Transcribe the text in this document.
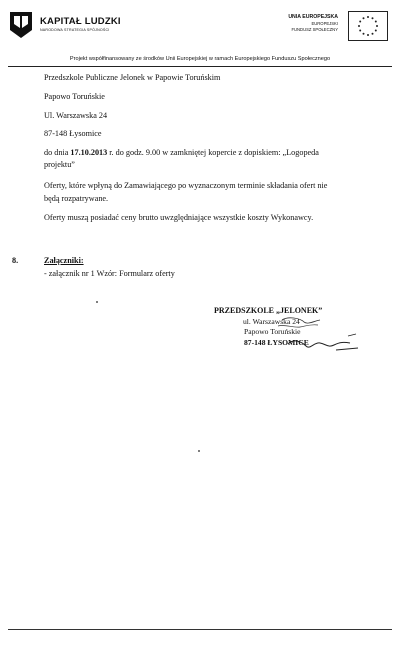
KAPITAŁ LUDZKI
NARODOWA STRATEGIA SPÓJNOŚCI
UNIA EUROPEJSKA
EUROPEJSKI
FUNDUSZ SPOŁECZNY
Projekt współfinansowany ze środków Unii Europejskiej w ramach Europejskiego Funduszu Społecznego
Przedszkole Publiczne Jelonek w Papowie Toruńskim
Papowo Toruńskie
Ul. Warszawska 24
87-148 Łysomice
do dnia 17.10.2013 r. do godz. 9.00 w zamkniętej kopercie z dopiskiem: „Logopeda
projektu”
Oferty, które wpłyną do Zamawiającego po wyznaczonym terminie składania ofert nie
będą rozpatrywane.
Oferty muszą posiadać ceny brutto uwzględniające wszystkie koszty Wykonawcy.
8.	Załączniki:
- załącznik nr 1 Wzór: Formularz oferty
PRZEDSZKOLE „JELONEK”
ul. Warszawska 24
Papowo Toruńskie
87-148 ŁYSOMICE
